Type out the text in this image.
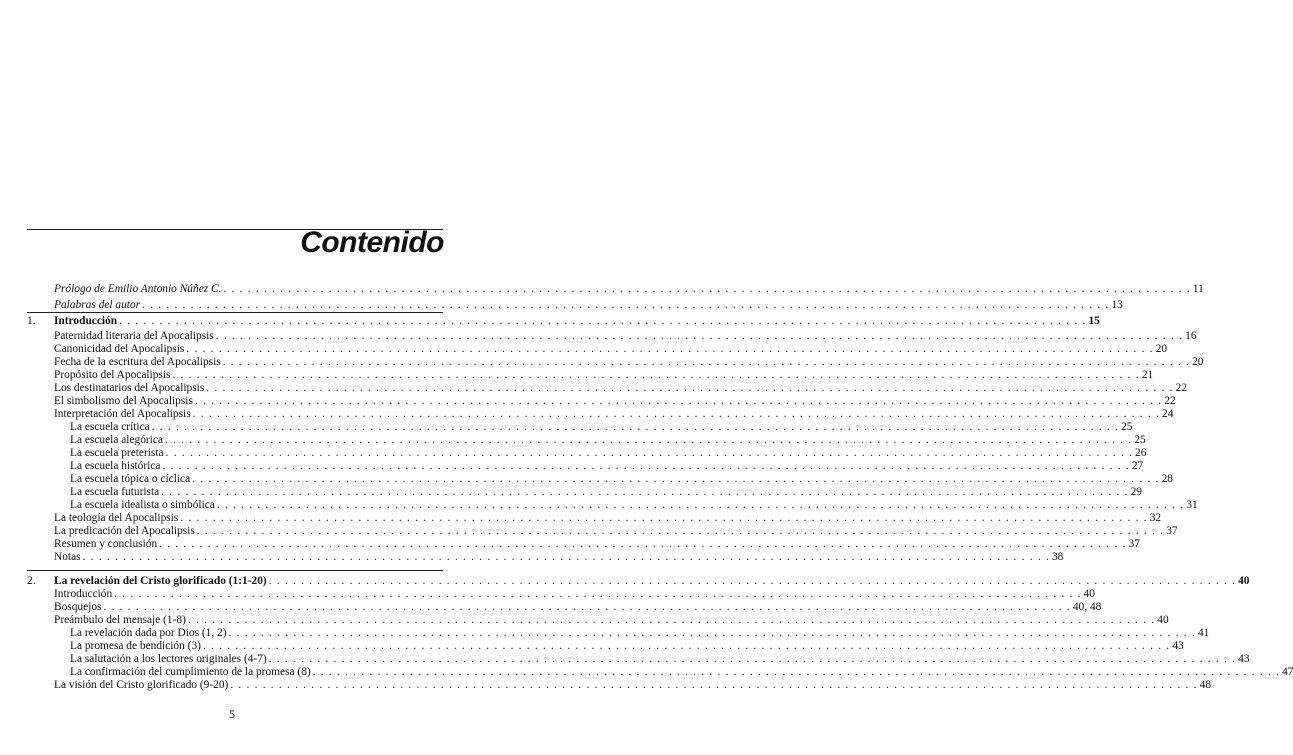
Contenido
Prólogo de Emilio Antonio Núñez C. . . . . . . . . . . . . . . . . . . . . . . . . . . . . . . . . . . . . . . . . . . . . . . . . . . . . . . . . . . . . . . . . . . . . . . . . . . . . . . . . . . . . . . . . . . . . . . . . . . . . . . . . . . . . . . . . . . . . . . . . 11
Palabras del autor . . . . . . . . . . . . . . . . . . . . . . . . . . . . . . . . . . . . . . . . . . . . . . . . . . . . . . . . . . . . . . . . . . . . . . . . . . . . . . . . . . . . . . . . . . . . . . . . . . . . . . . . . . . . . . . . . . . . . . . . 13
1.	Introducción . . . . . . . . . . . . . . . . . . . . . . . . . . . . . . . . . . . . . . . . . . . . . . . . . . . . . . . . . . . . . . . . . . . . . . . . . . . . . . . . . . . . . . . . . . . . . . . . . . . . . . . . . . . . . . . . . . . . . . . . 15
Paternidad literaria del Apocalipsis . . . . . . . . . . . . . . . . . . . . . . . . . . . . . . . . . . . . . . . . . . . . . . . . . . . . . . . . . . . . . . . . . . . . . . . . . . . . . . . . . . . . . . . . . . . . . . . . . . . . . . . . . . . . . . . . . . . . . . . . 16
Canonicidad del Apocalipsis . . . . . . . . . . . . . . . . . . . . . . . . . . . . . . . . . . . . . . . . . . . . . . . . . . . . . . . . . . . . . . . . . . . . . . . . . . . . . . . . . . . . . . . . . . . . . . . . . . . . . . . . . . . . . . . . . . . . . . . . 20
Fecha de la escritura del Apocalipsis . . . . . . . . . . . . . . . . . . . . . . . . . . . . . . . . . . . . . . . . . . . . . . . . . . . . . . . . . . . . . . . . . . . . . . . . . . . . . . . . . . . . . . . . . . . . . . . . . . . . . . . . . . . . . . . . . . . . . . . . 20
Propósito del Apocalipsis . . . . . . . . . . . . . . . . . . . . . . . . . . . . . . . . . . . . . . . . . . . . . . . . . . . . . . . . . . . . . . . . . . . . . . . . . . . . . . . . . . . . . . . . . . . . . . . . . . . . . . . . . . . . . . . . . . . . . . . . 21
Los destinatarios del Apocalipsis . . . . . . . . . . . . . . . . . . . . . . . . . . . . . . . . . . . . . . . . . . . . . . . . . . . . . . . . . . . . . . . . . . . . . . . . . . . . . . . . . . . . . . . . . . . . . . . . . . . . . . . . . . . . . . . . . . . . . . . . 22
El simbolismo del Apocalipsis . . . . . . . . . . . . . . . . . . . . . . . . . . . . . . . . . . . . . . . . . . . . . . . . . . . . . . . . . . . . . . . . . . . . . . . . . . . . . . . . . . . . . . . . . . . . . . . . . . . . . . . . . . . . . . . . . . . . . . . . 22
Interpretación del Apocalipsis . . . . . . . . . . . . . . . . . . . . . . . . . . . . . . . . . . . . . . . . . . . . . . . . . . . . . . . . . . . . . . . . . . . . . . . . . . . . . . . . . . . . . . . . . . . . . . . . . . . . . . . . . . . . . . . . . . . . . . . . 24
La escuela crítica . . . . . . . . . . . . . . . . . . . . . . . . . . . . . . . . . . . . . . . . . . . . . . . . . . . . . . . . . . . . . . . . . . . . . . . . . . . . . . . . . . . . . . . . . . . . . . . . . . . . . . . . . . . . . . . . . . . . . . . . 25
La escuela alegórica . . . . . . . . . . . . . . . . . . . . . . . . . . . . . . . . . . . . . . . . . . . . . . . . . . . . . . . . . . . . . . . . . . . . . . . . . . . . . . . . . . . . . . . . . . . . . . . . . . . . . . . . . . . . . . . . . . . . . . . . 25
La escuela preterista . . . . . . . . . . . . . . . . . . . . . . . . . . . . . . . . . . . . . . . . . . . . . . . . . . . . . . . . . . . . . . . . . . . . . . . . . . . . . . . . . . . . . . . . . . . . . . . . . . . . . . . . . . . . . . . . . . . . . . . . 26
La escuela histórica . . . . . . . . . . . . . . . . . . . . . . . . . . . . . . . . . . . . . . . . . . . . . . . . . . . . . . . . . . . . . . . . . . . . . . . . . . . . . . . . . . . . . . . . . . . . . . . . . . . . . . . . . . . . . . . . . . . . . . . . 27
La escuela tópica o cíclica . . . . . . . . . . . . . . . . . . . . . . . . . . . . . . . . . . . . . . . . . . . . . . . . . . . . . . . . . . . . . . . . . . . . . . . . . . . . . . . . . . . . . . . . . . . . . . . . . . . . . . . . . . . . . . . . . . . . . . . . 28
La escuela futurista . . . . . . . . . . . . . . . . . . . . . . . . . . . . . . . . . . . . . . . . . . . . . . . . . . . . . . . . . . . . . . . . . . . . . . . . . . . . . . . . . . . . . . . . . . . . . . . . . . . . . . . . . . . . . . . . . . . . . . . . 29
La escuela idealista o simbólica . . . . . . . . . . . . . . . . . . . . . . . . . . . . . . . . . . . . . . . . . . . . . . . . . . . . . . . . . . . . . . . . . . . . . . . . . . . . . . . . . . . . . . . . . . . . . . . . . . . . . . . . . . . . . . . . . . . . . . . . 31
La teología del Apocalipsis . . . . . . . . . . . . . . . . . . . . . . . . . . . . . . . . . . . . . . . . . . . . . . . . . . . . . . . . . . . . . . . . . . . . . . . . . . . . . . . . . . . . . . . . . . . . . . . . . . . . . . . . . . . . . . . . . . . . . . . . 32
La predicación del Apocalipsis . . . . . . . . . . . . . . . . . . . . . . . . . . . . . . . . . . . . . . . . . . . . . . . . . . . . . . . . . . . . . . . . . . . . . . . . . . . . . . . . . . . . . . . . . . . . . . . . . . . . . . . . . . . . . . . . . . . . . . . . 37
Resumen y conclusión . . . . . . . . . . . . . . . . . . . . . . . . . . . . . . . . . . . . . . . . . . . . . . . . . . . . . . . . . . . . . . . . . . . . . . . . . . . . . . . . . . . . . . . . . . . . . . . . . . . . . . . . . . . . . . . . . . . . . . . . 37
Notas . . . . . . . . . . . . . . . . . . . . . . . . . . . . . . . . . . . . . . . . . . . . . . . . . . . . . . . . . . . . . . . . . . . . . . . . . . . . . . . . . . . . . . . . . . . . . . . . . . . . . . . . . . . . . . . . . . . . . . . . 38
2.	La revelación del Cristo glorificado (1:1-20) . . . . . . . . . . . . . . . . . . . . . . . . . . . . . . . . . . . . . . . . . . . . . . . . . . . . . . . . . . . . . . . . . . . . . . . . . . . . . . . . . . . . . . . . . . . . . . . . . . . . . . . . . . . . . . . . . . . . . . . . 40
Introducción . . . . . . . . . . . . . . . . . . . . . . . . . . . . . . . . . . . . . . . . . . . . . . . . . . . . . . . . . . . . . . . . . . . . . . . . . . . . . . . . . . . . . . . . . . . . . . . . . . . . . . . . . . . . . . . . . . . . . . . . 40
Bosquejos . . . . . . . . . . . . . . . . . . . . . . . . . . . . . . . . . . . . . . . . . . . . . . . . . . . . . . . . . . . . . . . . . . . . . . . . . . . . . . . . . . . . . . . . . . . . . . . . . . . . . . . . . . . . . . . . . . . . . . . . 40, 48
Preámbulo del mensaje (1-8) . . . . . . . . . . . . . . . . . . . . . . . . . . . . . . . . . . . . . . . . . . . . . . . . . . . . . . . . . . . . . . . . . . . . . . . . . . . . . . . . . . . . . . . . . . . . . . . . . . . . . . . . . . . . . . . . . . . . . . . . 40
La revelación dada por Dios (1, 2) . . . . . . . . . . . . . . . . . . . . . . . . . . . . . . . . . . . . . . . . . . . . . . . . . . . . . . . . . . . . . . . . . . . . . . . . . . . . . . . . . . . . . . . . . . . . . . . . . . . . . . . . . . . . . . . . . . . . . . . . 41
La promesa de bendición (3) . . . . . . . . . . . . . . . . . . . . . . . . . . . . . . . . . . . . . . . . . . . . . . . . . . . . . . . . . . . . . . . . . . . . . . . . . . . . . . . . . . . . . . . . . . . . . . . . . . . . . . . . . . . . . . . . . . . . . . . . 43
La salutación a los lectores originales (4-7) . . . . . . . . . . . . . . . . . . . . . . . . . . . . . . . . . . . . . . . . . . . . . . . . . . . . . . . . . . . . . . . . . . . . . . . . . . . . . . . . . . . . . . . . . . . . . . . . . . . . . . . . . . . . . . . . . . . . . . . . 43
La confirmación del cumplimiento de la promesa (8) . . . . . . . . . . . . . . . . . . . . . . . . . . . . . . . . . . . . . . . . . . . . . . . . . . . . . . . . . . . . . . . . . . . . . . . . . . . . . . . . . . . . . . . . . . . . . . . . . . . . . . . . . . . . . . . . . . . . . . . . 47
La visión del Cristo glorificado (9-20) . . . . . . . . . . . . . . . . . . . . . . . . . . . . . . . . . . . . . . . . . . . . . . . . . . . . . . . . . . . . . . . . . . . . . . . . . . . . . . . . . . . . . . . . . . . . . . . . . . . . . . . . . . . . . . . . . . . . . . . . 48
5
